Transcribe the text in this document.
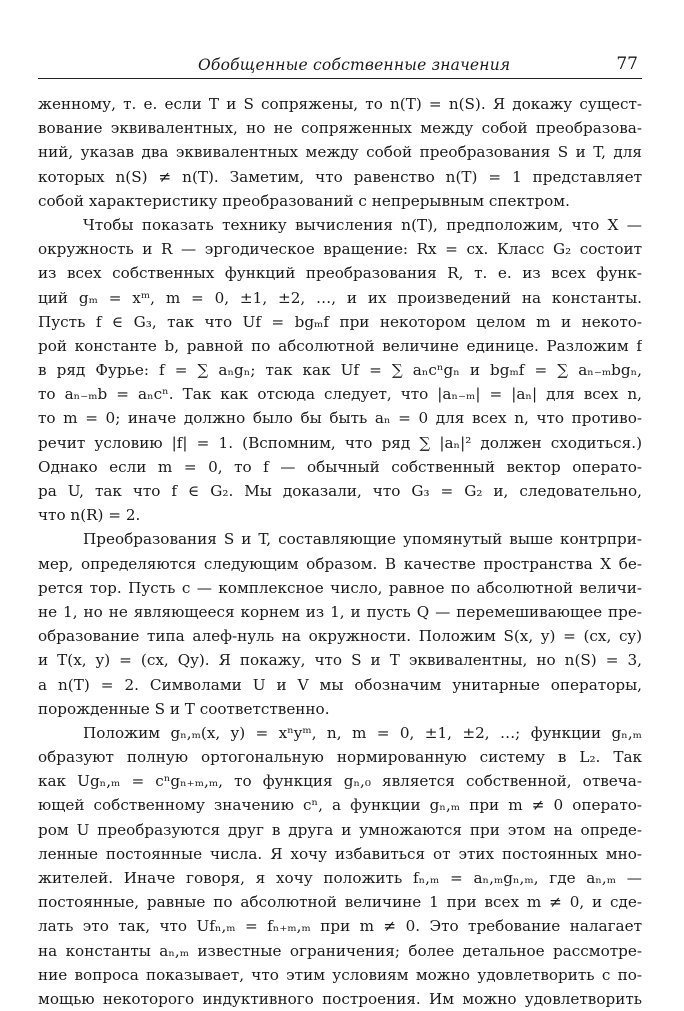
Обобщенные собственные значения	77
женному, т. е. если T и S сопряжены, то n(T) = n(S). Я докажу сущест-
вование эквивалентных, но не сопряженных между собой преобразова-
ний, указав два эквивалентных между собой преобразования S и T, для
которых n(S) ≠ n(T). Заметим, что равенство n(T) = 1 представляет
собой характеристику преобразований с непрерывным спектром.
Чтобы показать технику вычисления n(T), предположим, что X —
окружность и R — эргодическое вращение: Rx = cx. Класс G₂ состоит
из всех собственных функций преобразования R, т. е. из всех функ-
ций gₘ = xᵐ, m = 0, ±1, ±2, …, и их произведений на константы.
Пусть f ∈ G₃, так что Uf = bgₘf при некотором целом m и некото-
рой константе b, равной по абсолютной величине единице. Разложим f
в ряд Фурье: f = ∑ aₙgₙ; так как Uf = ∑ aₙcⁿgₙ и bgₘf = ∑ aₙ₋ₘbgₙ,
то aₙ₋ₘb = aₙcⁿ. Так как отсюда следует, что |aₙ₋ₘ| = |aₙ| для всех n,
то m = 0; иначе должно было бы быть aₙ = 0 для всех n, что противо-
речит условию |f| = 1. (Вспомним, что ряд ∑ |aₙ|² должен сходиться.)
Однако если m = 0, то f — обычный собственный вектор операто-
ра U, так что f ∈ G₂. Мы доказали, что G₃ = G₂ и, следовательно,
что n(R) = 2.
Преобразования S и T, составляющие упомянутый выше контрпри-
мер, определяются следующим образом. В качестве пространства X бе-
рется тор. Пусть c — комплексное число, равное по абсолютной величи-
не 1, но не являющееся корнем из 1, и пусть Q — перемешивающее пре-
образование типа алеф-нуль на окружности. Положим S(x, y) = (cx, cy)
и T(x, y) = (cx, Qy). Я покажу, что S и T эквивалентны, но n(S) = 3,
а n(T) = 2. Символами U и V мы обозначим унитарные операторы,
порожденные S и T соответственно.
Положим gₙ,ₘ(x, y) = xⁿyᵐ, n, m = 0, ±1, ±2, …; функции gₙ,ₘ
образуют полную ортогональную нормированную систему в L₂. Так
как Ugₙ,ₘ = cⁿgₙ₊ₘ,ₘ, то функция gₙ,₀ является собственной, отвеча-
ющей собственному значению cⁿ, а функции gₙ,ₘ при m ≠ 0 операто-
ром U преобразуются друг в друга и умножаются при этом на опреде-
ленные постоянные числа. Я хочу избавиться от этих постоянных мно-
жителей. Иначе говоря, я хочу положить fₙ,ₘ = aₙ,ₘgₙ,ₘ, где aₙ,ₘ —
постоянные, равные по абсолютной величине 1 при всех m ≠ 0, и сде-
лать это так, что Ufₙ,ₘ = fₙ₊ₘ,ₘ при m ≠ 0. Это требование налагает
на константы aₙ,ₘ известные ограничения; более детальное рассмотре-
ние вопроса показывает, что этим условиям можно удовлетворить с по-
мощью некоторого индуктивного построения. Им можно удовлетворить
